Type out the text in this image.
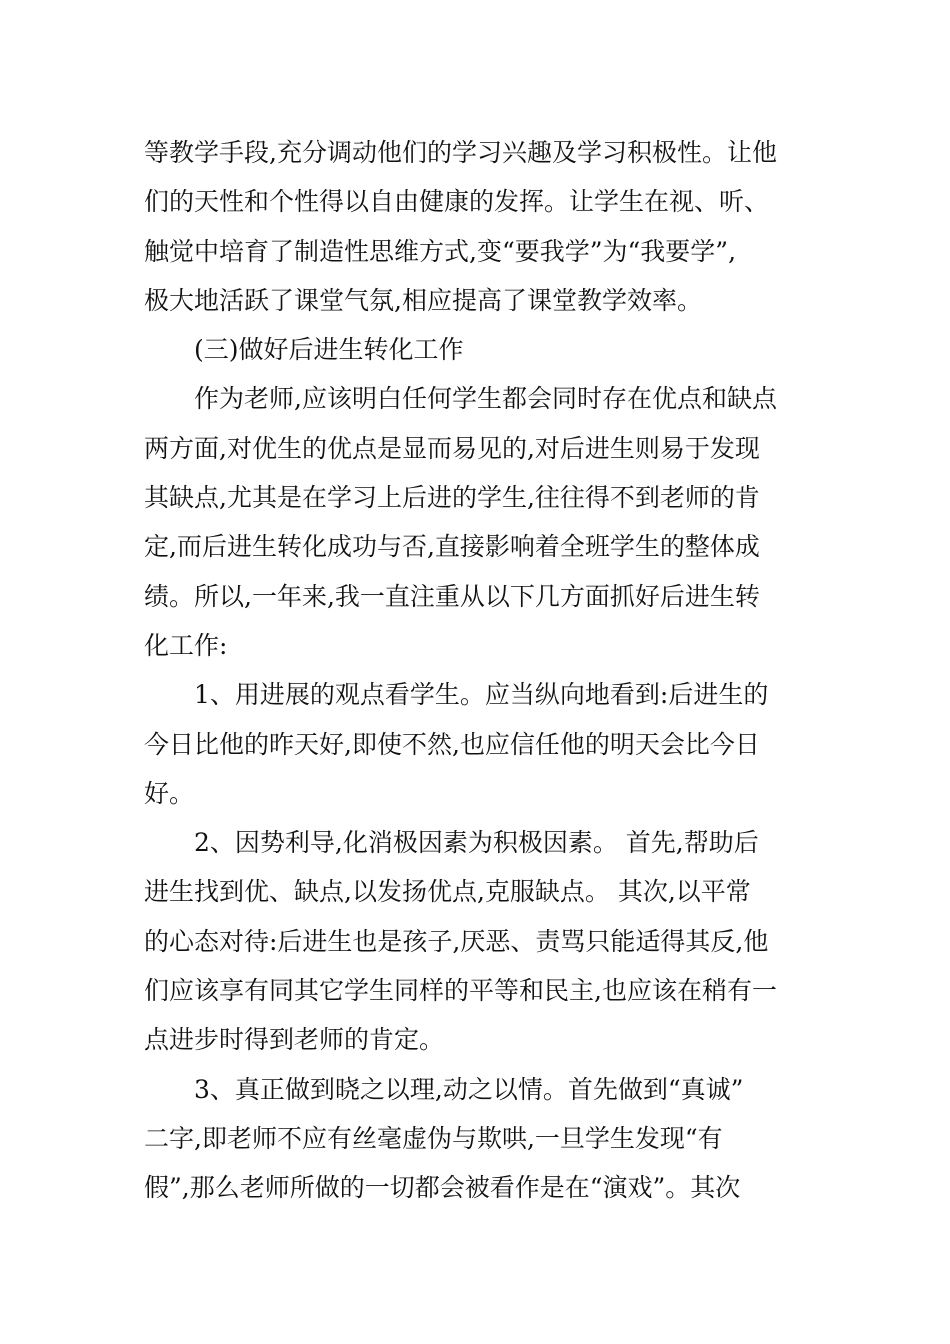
等教学手段,充分调动他们的学习兴趣及学习积极性。让他
们的天性和个性得以自由健康的发挥。让学生在视、听、
触觉中培育了制造性思维方式,变“要我学”为“我要学”,
极大地活跃了课堂气氛,相应提高了课堂教学效率。
(三)做好后进生转化工作
作为老师,应该明白任何学生都会同时存在优点和缺点
两方面,对优生的优点是显而易见的,对后进生则易于发现
其缺点,尤其是在学习上后进的学生,往往得不到老师的肯
定,而后进生转化成功与否,直接影响着全班学生的整体成
绩。所以,一年来,我一直注重从以下几方面抓好后进生转
化工作:
1、用进展的观点看学生。应当纵向地看到:后进生的
今日比他的昨天好,即使不然,也应信任他的明天会比今日
好。
2、因势利导,化消极因素为积极因素。 首先,帮助后
进生找到优、缺点,以发扬优点,克服缺点。 其次,以平常
的心态对待:后进生也是孩子,厌恶、责骂只能适得其反,他
们应该享有同其它学生同样的平等和民主,也应该在稍有一
点进步时得到老师的肯定。
3、真正做到晓之以理,动之以情。首先做到“真诚”
二字,即老师不应有丝毫虚伪与欺哄,一旦学生发现“有
假”,那么老师所做的一切都会被看作是在“演戏”。其次
